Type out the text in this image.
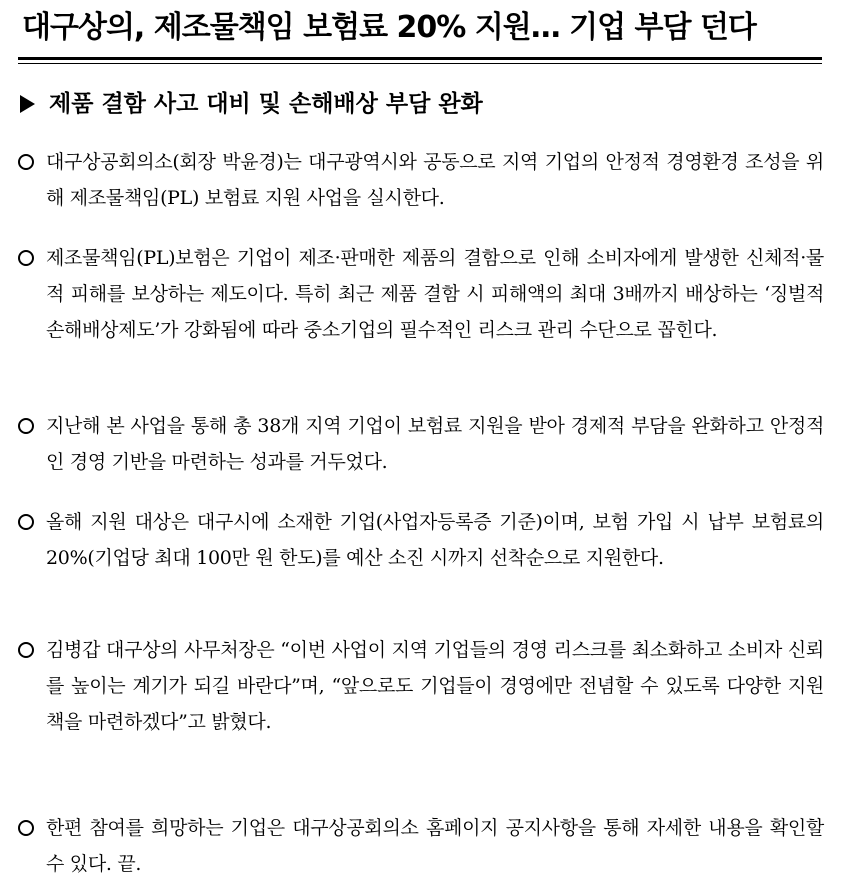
대구상의, 제조물책임 보험료 20% 지원… 기업 부담 던다
제품 결함 사고 대비 및 손해배상 부담 완화
대구상공회의소(회장 박윤경)는 대구광역시와 공동으로 지역 기업의 안정적 경영환경 조성을 위해 제조물책임(PL) 보험료 지원 사업을 실시한다.
제조물책임(PL)보험은 기업이 제조·판매한 제품의 결함으로 인해 소비자에게 발생한 신체적·물적 피해를 보상하는 제도이다. 특히 최근 제품 결함 시 피해액의 최대 3배까지 배상하는 ‘징벌적 손해배상제도’가 강화됨에 따라 중소기업의 필수적인 리스크 관리 수단으로 꼽힌다.
지난해 본 사업을 통해 총 38개 지역 기업이 보험료 지원을 받아 경제적 부담을 완화하고 안정적인 경영 기반을 마련하는 성과를 거두었다.
올해 지원 대상은 대구시에 소재한 기업(사업자등록증 기준)이며, 보험 가입 시 납부 보험료의 20%(기업당 최대 100만 원 한도)를 예산 소진 시까지 선착순으로 지원한다.
김병갑 대구상의 사무처장은 “이번 사업이 지역 기업들의 경영 리스크를 최소화하고 소비자 신뢰를 높이는 계기가 되길 바란다”며, “앞으로도 기업들이 경영에만 전념할 수 있도록 다양한 지원책을 마련하겠다”고 밝혔다.
한편 참여를 희망하는 기업은 대구상공회의소 홈페이지 공지사항을 통해 자세한 내용을 확인할 수 있다. 끝.
